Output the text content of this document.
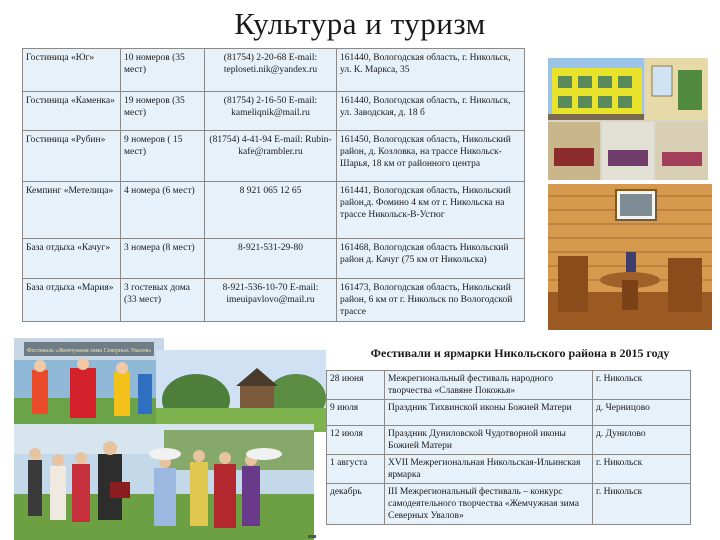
Культура и туризм
Гостиница «Юг»	10 номеров (35 мест)	(81754) 2-20-68 E-mail: teploseti.nik@yandex.ru	161440, Вологодская область, г. Никольск, ул. К. Маркса, 35
Гостиница «Каменка»	19 номеров (35 мест)	(81754) 2-16-50 E-mail: kameliqnik@mail.ru	161440, Вологодская область, г. Никольск, ул. Заводская, д. 18 б
Гостиница «Рубин»	9 номеров ( 15 мест)	(81754) 4-41-94 E-mail: Rubin-kafe@rambler.ru	161450, Вологодская область, Никольский район, д. Козловка, на трассе Никольск-Шарья, 18 км от районного центра
Кемпинг «Метелица»	4 номера (6 мест)	8 921 065 12 65	161441, Вологодская область, Никольский район,д. Фомино 4 км от г. Никольска на трассе Никольск-В-Устюг
База отдыха «Качуг»	3 номера (8 мест)	8-921-531-29-80	161468, Вологодская область Никольский район д. Качуг (75 км от Никольска)
База отдыха «Мария»	3 гостевых дома (33 мест)	8-921-536-10-70 E-mail: imeuipavlovo@mail.ru	161473, Вологодская область, Никольский район, 6 км от г. Никольск по Вологодской трассе
Фестиваль «Жемчужная зима Северных Увалов»	Фестивали и ярмарки Никольского района в 2015 году
28 июня	Межрегиональный фестиваль народного творчества «Славяне Покожья»	г. Никольск
9 июля	Праздник Тихвинской иконы Божией Матери	д. Черницово
12 июля	Праздник Дуниловской Чудотворной иконы Божией Матери	д. Дунилово
1 августа	XVII Межрегиональная Никольская-Ильинская ярмарка	г. Никольск
декабрь	III Межрегиональный фестиваль – конкурс самодеятельного творчества «Жемчужная зима Северных Увалов»	г. Никольск
